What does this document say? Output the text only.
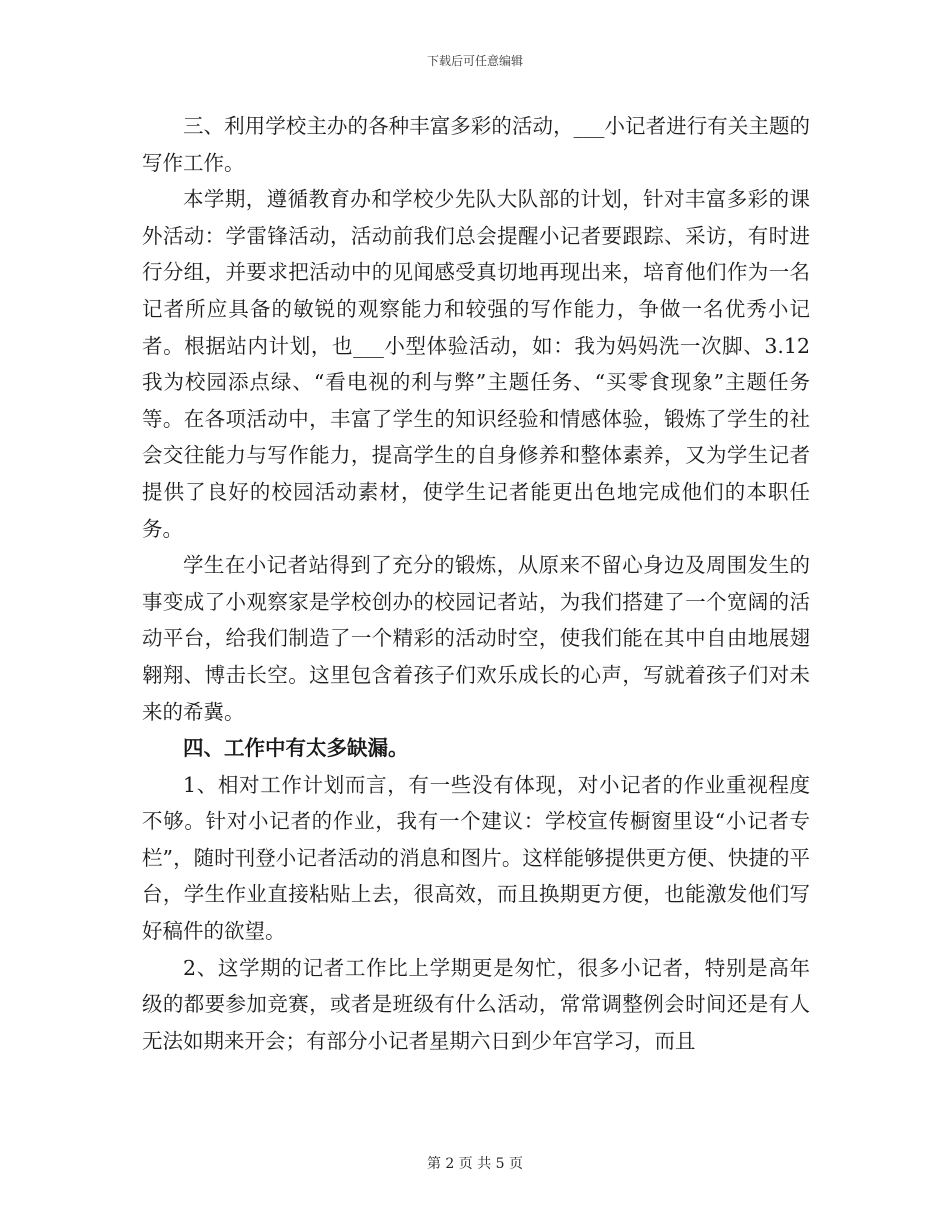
下载后可任意编辑

三、利用学校主办的各种丰富多彩的活动，___小记者进行有关主题的写作工作。

本学期，遵循教育办和学校少先队大队部的计划，针对丰富多彩的课外活动：学雷锋活动，活动前我们总会提醒小记者要跟踪、采访，有时进行分组，并要求把活动中的见闻感受真切地再现出来，培育他们作为一名记者所应具备的敏锐的观察能力和较强的写作能力，争做一名优秀小记者。根据站内计划，也___小型体验活动，如：我为妈妈洗一次脚、3.12我为校园添点绿、“看电视的利与弊”主题任务、“买零食现象”主题任务等。在各项活动中，丰富了学生的知识经验和情感体验，锻炼了学生的社会交往能力与写作能力，提高学生的自身修养和整体素养，又为学生记者提供了良好的校园活动素材，使学生记者能更出色地完成他们的本职任务。

学生在小记者站得到了充分的锻炼，从原来不留心身边及周围发生的事变成了小观察家是学校创办的校园记者站，为我们搭建了一个宽阔的活动平台，给我们制造了一个精彩的活动时空，使我们能在其中自由地展翅翱翔、博击长空。这里包含着孩子们欢乐成长的心声，写就着孩子们对未来的希冀。

四、工作中有太多缺漏。

1、相对工作计划而言，有一些没有体现，对小记者的作业重视程度不够。针对小记者的作业，我有一个建议：学校宣传橱窗里设“小记者专栏”，随时刊登小记者活动的消息和图片。这样能够提供更方便、快捷的平台，学生作业直接粘贴上去，很高效，而且换期更方便，也能激发他们写好稿件的欲望。

2、这学期的记者工作比上学期更是匆忙，很多小记者，特别是高年级的都要参加竞赛，或者是班级有什么活动，常常调整例会时间还是有人无法如期来开会；有部分小记者星期六日到少年宫学习，而且

第 2 页 共 5 页
